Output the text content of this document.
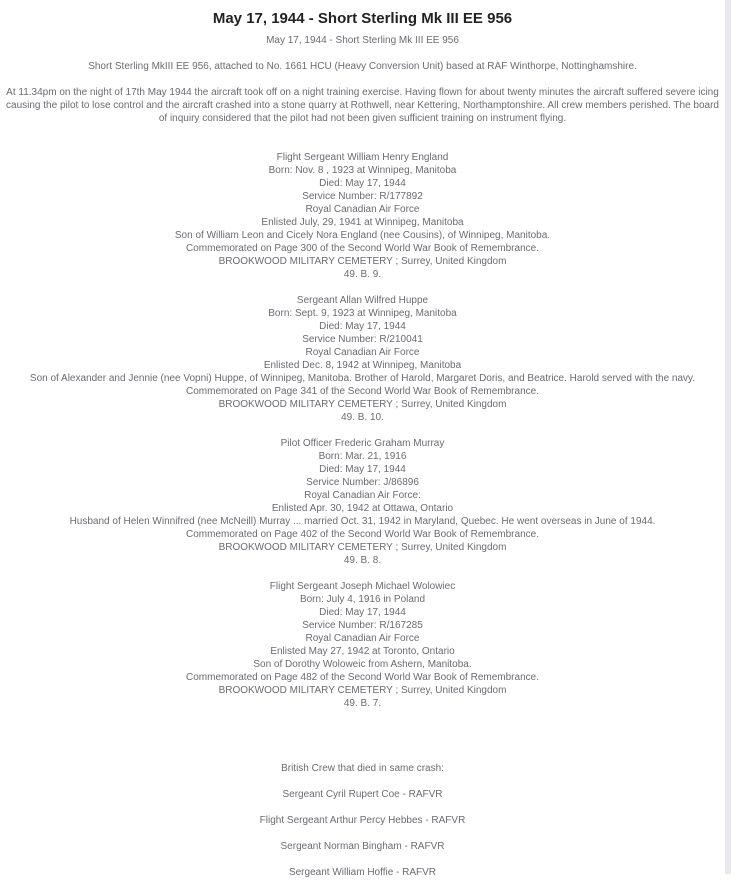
May 17, 1944 - Short Sterling Mk III EE 956
May 17, 1944 - Short Sterling Mk III EE 956
Short Sterling MkIII EE 956, attached to No. 1661 HCU (Heavy Conversion Unit) based at RAF Winthorpe, Nottinghamshire.
At 11.34pm on the night of 17th May 1944 the aircraft took off on a night training exercise. Having flown for about twenty minutes the aircraft suffered severe icing causing the pilot to lose control and the aircraft crashed into a stone quarry at Rothwell, near Kettering, Northamptonshire. All crew members perished. The board of inquiry considered that the pilot had not been given sufficient training on instrument flying.
Flight Sergeant William Henry England
Born: Nov. 8 , 1923 at Winnipeg, Manitoba
Died: May 17, 1944
Service Number: R/177892
Royal Canadian Air Force
Enlisted July, 29, 1941 at Winnipeg, Manitoba
Son of William Leon and Cicely Nora England (nee Cousins), of Winnipeg, Manitoba.
Commemorated on Page 300 of the Second World War Book of Remembrance.
BROOKWOOD MILITARY CEMETERY ; Surrey, United Kingdom
49. B. 9.
Sergeant Allan Wilfred Huppe
Born: Sept. 9, 1923 at Winnipeg, Manitoba
Died: May 17, 1944
Service Number: R/210041
Royal Canadian Air Force
Enlisted Dec. 8, 1942 at Winnipeg, Manitoba
Son of Alexander and Jennie (nee Vopni) Huppe, of Winnipeg, Manitoba. Brother of Harold, Margaret Doris, and Beatrice. Harold served with the navy.
Commemorated on Page 341 of the Second World War Book of Remembrance.
BROOKWOOD MILITARY CEMETERY ; Surrey, United Kingdom
49. B. 10.
Pilot Officer Frederic Graham Murray
Born: Mar. 21, 1916
Died: May 17, 1944
Service Number: J/86896
Royal Canadian Air Force:
Enlisted Apr. 30, 1942 at Ottawa, Ontario
Husband of Helen Winnifred (nee McNeill) Murray ... married Oct. 31, 1942 in Maryland, Quebec. He went overseas in June of 1944.
Commemorated on Page 402 of the Second World War Book of Remembrance.
BROOKWOOD MILITARY CEMETERY ; Surrey, United Kingdom
49. B. 8.
Flight Sergeant Joseph Michael Wolowiec
Born: July 4, 1916 in Poland
Died: May 17, 1944
Service Number: R/167285
Royal Canadian Air Force
Enlisted May 27, 1942 at Toronto, Ontario
Son of Dorothy Woloweic from Ashern, Manitoba.
Commemorated on Page 482 of the Second World War Book of Remembrance.
BROOKWOOD MILITARY CEMETERY ; Surrey, United Kingdom
49. B. 7.
British Crew that died in same crash:
Sergeant Cyril Rupert Coe - RAFVR
Flight Sergeant Arthur Percy Hebbes - RAFVR
Sergeant Norman Bingham - RAFVR
Sergeant William Hoffie - RAFVR
